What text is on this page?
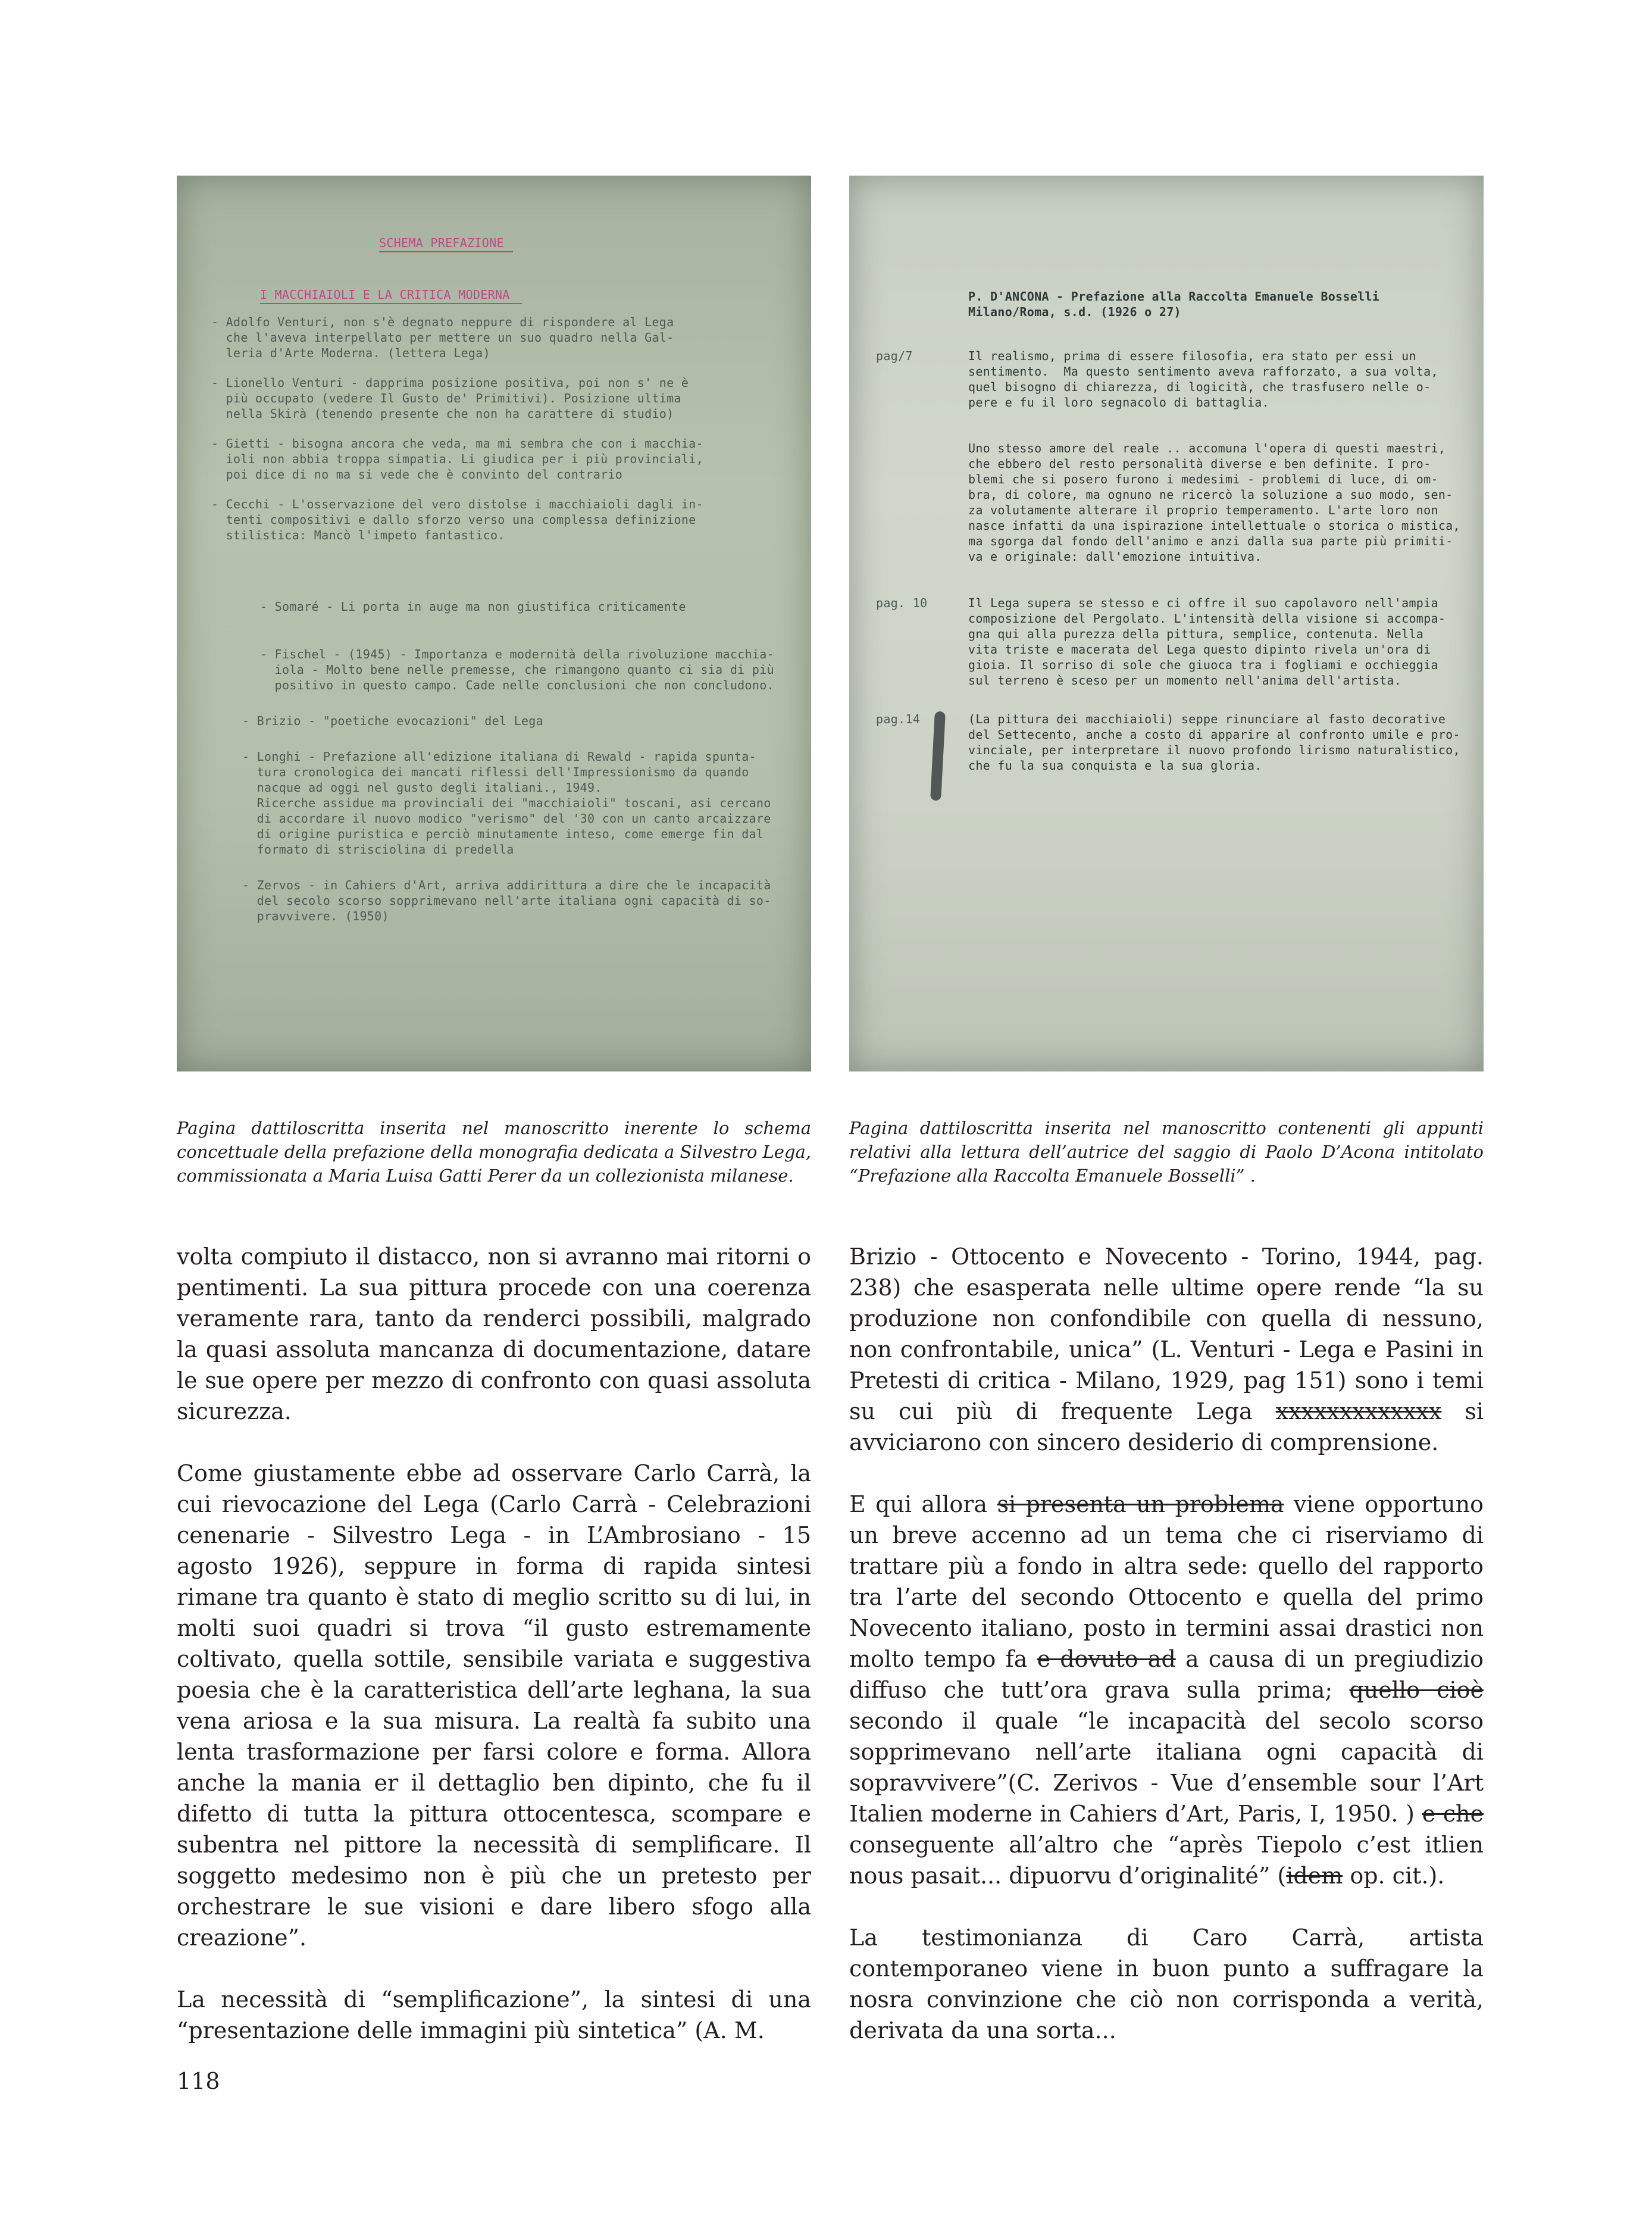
SCHEMA PREFAZIONE
I MACCHIAIOLI E LA CRITICA MODERNA
- Adolfo Venturi, non s'è degnato neppure di rispondere al Lega
che l'aveva interpellato per mettere un suo quadro nella Gal-
leria d'Arte Moderna. (lettera Lega)
- Lionello Venturi - dapprima posizione positiva, poi non s' ne è
più occupato (vedere Il Gusto de' Primitivi). Posizione ultima
nella Skirà (tenendo presente che non ha carattere di studio)
- Gietti - bisogna ancora che veda, ma mi sembra che con i macchia-
ioli non abbia troppa simpatia. Li giudica per i più provinciali,
poi dice di no ma si vede che è convinto del contrario
- Cecchi - L'osservazione del vero distolse i macchiaioli dagli in-
tenti compositivi e dallo sforzo verso una complessa definizione
stilistica: Mancò l'impeto fantastico.
- Somaré - Li porta in auge ma non giustifica criticamente
- Fischel - (1945) - Importanza e modernità della rivoluzione macchia-
iola - Molto bene nelle premesse, che rimangono quanto ci sia di più
positivo in questo campo. Cade nelle conclusioni che non concludono.
- Brizio - "poetiche evocazioni" del Lega
- Longhi - Prefazione all'edizione italiana di Rewald - rapida spunta-
tura cronologica dei mancati riflessi dell'Impressionismo da quando
nacque ad oggi nel gusto degli italiani., 1949.
Ricerche assidue ma provinciali dei "macchiaioli" toscani, asi cercano
di accordare il nuovo modico "verismo" del '30 con un canto arcaizzare
di origine puristica e perciò minutamente inteso, come emerge fin dal
formato di strisciolina di predella
- Zervos - in Cahiers d'Art, arriva addirittura a dire che le incapacità
del secolo scorso sopprimevano nell'arte italiana ogni capacità di so-
pravvivere. (1950)
P. D'ANCONA - Prefazione alla Raccolta Emanuele Bosselli
Milano/Roma, s.d. (1926 o 27)
pag/7	Il realismo, prima di essere filosofia, era stato per essi un
sentimento.  Ma questo sentimento aveva rafforzato, a sua volta,
quel bisogno di chiarezza, di logicità, che trasfusero nelle o-
pere e fu il loro segnacolo di battaglia.
Uno stesso amore del reale .. accomuna l'opera di questi maestri,
che ebbero del resto personalità diverse e ben definite. I pro-
blemi che si posero furono i medesimi - problemi di luce, di om-
bra, di colore, ma ognuno ne ricercò la soluzione a suo modo, sen-
za volutamente alterare il proprio temperamento. L'arte loro non
nasce infatti da una ispirazione intellettuale o storica o mistica,
ma sgorga dal fondo dell'animo e anzi dalla sua parte più primiti-
va e originale: dall'emozione intuitiva.
pag. 10	Il Lega supera se stesso e ci offre il suo capolavoro nell'ampia
composizione del Pergolato. L'intensità della visione si accompa-
gna qui alla purezza della pittura, semplice, contenuta. Nella
vita triste e macerata del Lega questo dipinto rivela un'ora di
gioia. Il sorriso di sole che giuoca tra i fogliami e occhieggia
sul terreno è sceso per un momento nell'anima dell'artista.
pag.14	(La pittura dei macchiaioli) seppe rinunciare al fasto decorative
del Settecento, anche a costo di apparire al confronto umile e pro-
vinciale, per interpretare il nuovo profondo lirismo naturalistico,
che fu la sua conquista e la sua gloria.
Pagina dattiloscritta inserita nel manoscritto inerente lo schema concettuale della prefazione della monografia dedicata a Silvestro Lega, commissionata a Maria Luisa Gatti Perer da un collezionista milanese.
Pagina dattiloscritta inserita nel manoscritto contenenti gli appunti relativi alla lettura dell’autrice del saggio di Paolo D’Acona intitolato “Prefazione alla Raccolta Emanuele Bosselli” .

volta compiuto il distacco, non si avranno mai ritorni o pentimenti. La sua pittura procede con una coerenza veramente rara, tanto da renderci possibili, malgrado la quasi assoluta mancanza di documentazione, datare le sue opere per mezzo di confronto con quasi assoluta sicurezza.

Come giustamente ebbe ad osservare Carlo Carrà, la cui rievocazione del Lega (Carlo Carrà - Celebrazioni cenenarie - Silvestro Lega - in L’Ambrosiano - 15 agosto 1926), seppure in forma di rapida sintesi rimane tra quanto è stato di meglio scritto su di lui, in molti suoi quadri si trova “il gusto estremamente coltivato, quella sottile, sensibile variata e suggestiva poesia che è la caratteristica dell’arte leghana, la sua vena ariosa e la sua misura. La realtà fa subito una lenta trasformazione per farsi colore e forma. Allora anche la mania er il dettaglio ben dipinto, che fu il difetto di tutta la pittura ottocentesca, scompare e subentra nel pittore la necessità di semplificare. Il soggetto medesimo non è più che un pretesto per orchestrare le sue visioni e dare libero sfogo alla creazione”.

La necessità di “semplificazione”, la sintesi di una “presentazione delle immagini più sintetica” (A. M.

Brizio - Ottocento e Novecento - Torino, 1944, pag. 238) che esasperata nelle ultime opere rende “la su produzione non confondibile con quella di nessuno, non confrontabile, unica” (L. Venturi - Lega e Pasini in Pretesti di critica - Milano, 1929, pag 151) sono i temi su cui più di frequente Lega xxxxxxxxxxxxx si avviciarono con sincero desiderio di comprensione.

E qui allora si presenta un problema viene opportuno un breve accenno ad un tema che ci riserviamo di trattare più a fondo in altra sede: quello del rapporto tra l’arte del secondo Ottocento e quella del primo Novecento italiano, posto in termini assai drastici non molto tempo fa e dovuto ad a causa di un pregiudizio diffuso che tutt’ora grava sulla prima; quello cioè secondo il quale “le incapacità del secolo scorso sopprimevano nell’arte italiana ogni capacità di sopravvivere”(C. Zerivos - Vue d’ensemble sour l’Art Italien moderne in Cahiers d’Art, Paris, I, 1950. ) e che conseguente all’altro che “après Tiepolo c’est itlien nous pasait... dipuorvu d’originalité” (idem op. cit.).

La testimonianza di Caro Carrà, artista contemporaneo viene in buon punto a suffragare la nosra convinzione che ciò non corrisponda a verità, derivata da una sorta...

118
